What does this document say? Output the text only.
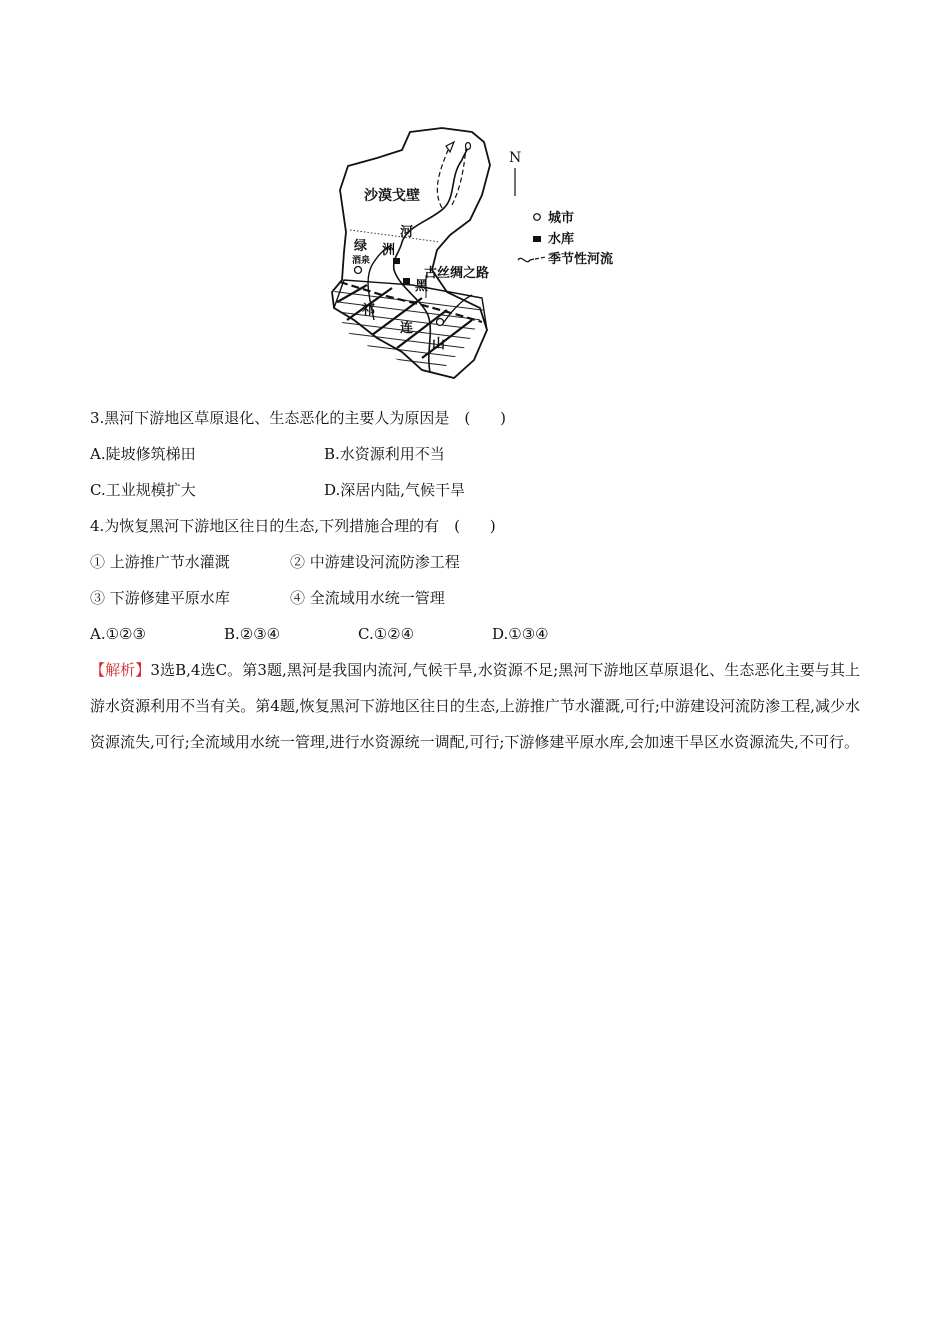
沙漠戈壁
河
绿 洲
酒泉
古丝绸之路
黑
祁
连
山
N
城市
水库
季节性河流
3.黑河下游地区草原退化、生态恶化的主要人为原因是　(　　)
A.陡坡修筑梯田	B.水资源利用不当
C.工业规模扩大	D.深居内陆,气候干旱
4.为恢复黑河下游地区往日的生态,下列措施合理的有　(　　)
① 上游推广节水灌溉	② 中游建设河流防渗工程
③ 下游修建平原水库	④ 全流域用水统一管理
A.①②③	B.②③④	C.①②④	D.①③④
【解析】3选B,4选C。第3题,黑河是我国内流河,气候干旱,水资源不足;黑河下游地区草原退化、生态恶化主要与其上游水资源利用不当有关。第4题,恢复黑河下游地区往日的生态,上游推广节水灌溉,可行;中游建设河流防渗工程,减少水资源流失,可行;全流域用水统一管理,进行水资源统一调配,可行;下游修建平原水库,会加速干旱区水资源流失,不可行。
